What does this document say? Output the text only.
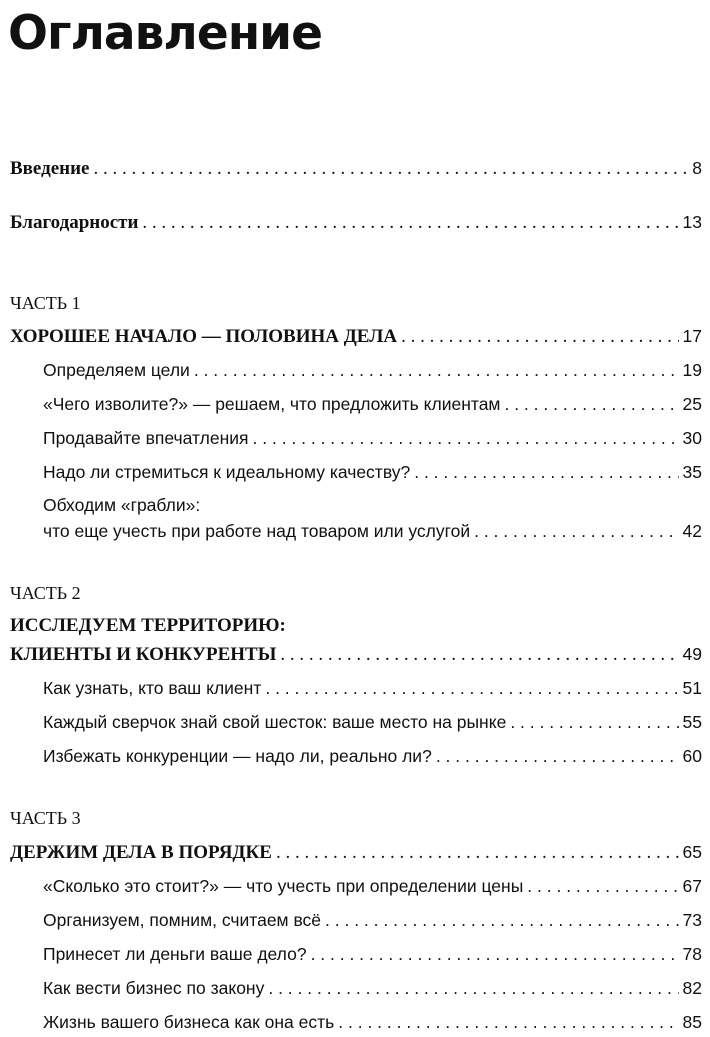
Оглавление
Введение . . .	8
Благодарности . . .	13
ЧАСТЬ 1
ХОРОШЕЕ НАЧАЛО — ПОЛОВИНА ДЕЛА . . .	17
Определяем цели . . .	19
«Чего изволите?» — решаем, что предложить клиентам . . .	25
Продавайте впечатления . . .	30
Надо ли стремиться к идеальному качеству? . . .	35
Обходим «грабли»:
что еще учесть при работе над товаром или услугой . . .	42
ЧАСТЬ 2
ИССЛЕДУЕМ ТЕРРИТОРИЮ:
КЛИЕНТЫ И КОНКУРЕНТЫ . . .	49
Как узнать, кто ваш клиент . . .	51
Каждый сверчок знай свой шесток: ваше место на рынке . . .	55
Избежать конкуренции — надо ли, реально ли? . . .	60
ЧАСТЬ 3
ДЕРЖИМ ДЕЛА В ПОРЯДКЕ . . .	65
«Сколько это стоит?» — что учесть при определении цены . . .	67
Организуем, помним, считаем всё . . .	73
Принесет ли деньги ваше дело? . . .	78
Как вести бизнес по закону . . .	82
Жизнь вашего бизнеса как она есть . . .	85
